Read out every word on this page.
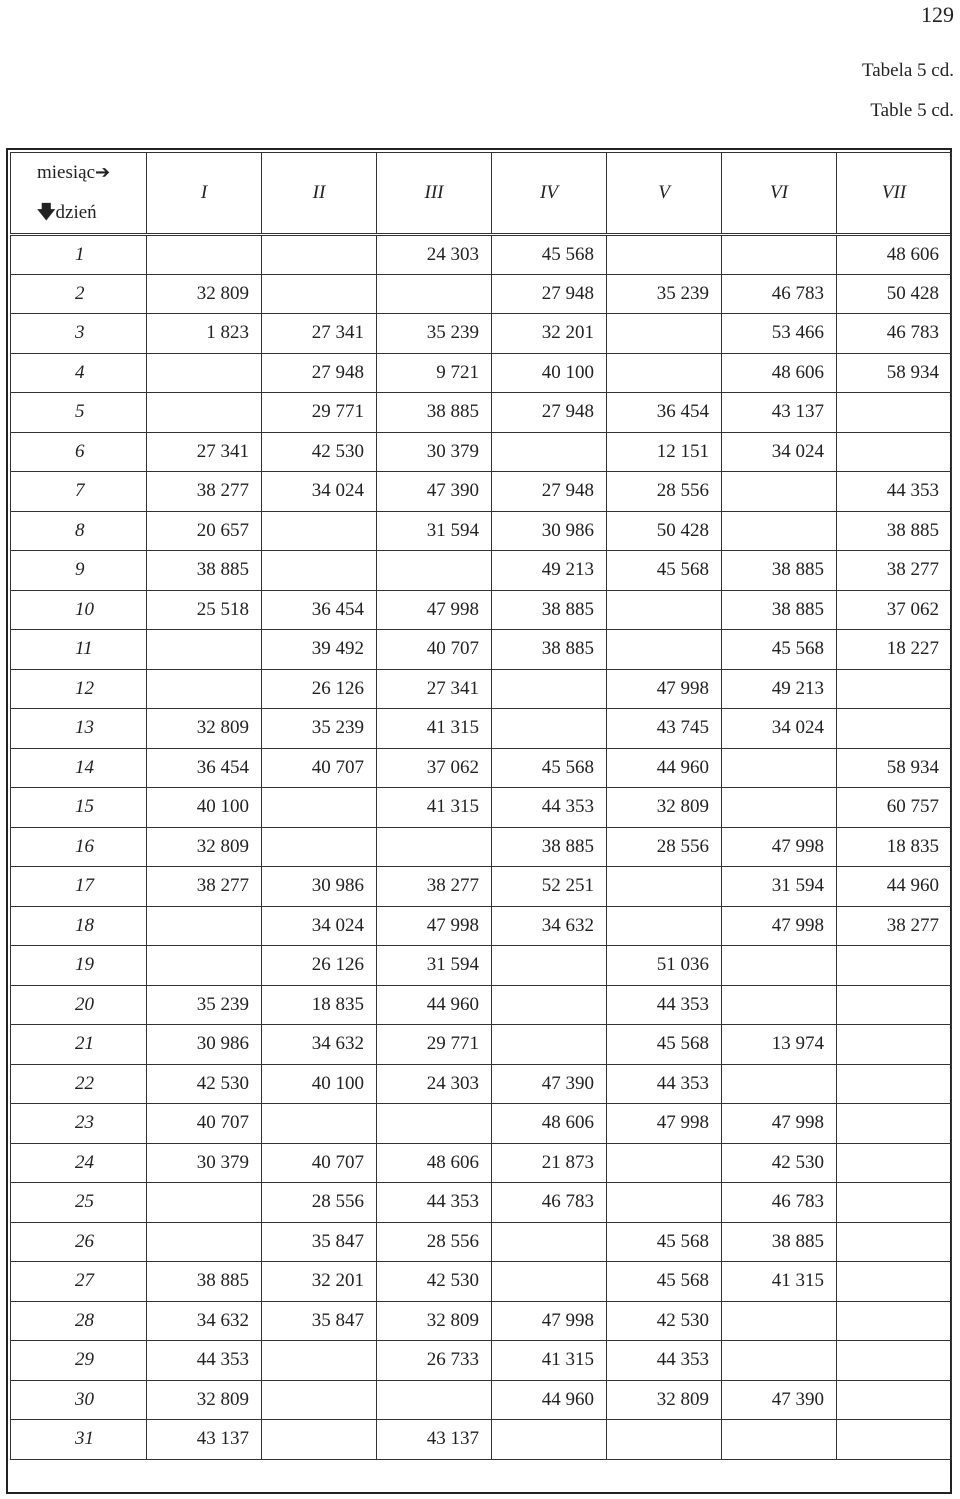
129
Tabela 5 cd.
Table 5 cd.
miesiąc➔
🡇dzień	I	II	III	IV	V	VI	VII
1			24 303	45 568			48 606
2	32 809			27 948	35 239	46 783	50 428
3	1 823	27 341	35 239	32 201		53 466	46 783
4		27 948	9 721	40 100		48 606	58 934
5		29 771	38 885	27 948	36 454	43 137	
6	27 341	42 530	30 379		12 151	34 024	
7	38 277	34 024	47 390	27 948	28 556		44 353
8	20 657		31 594	30 986	50 428		38 885
9	38 885			49 213	45 568	38 885	38 277
10	25 518	36 454	47 998	38 885		38 885	37 062
11		39 492	40 707	38 885		45 568	18 227
12		26 126	27 341		47 998	49 213	
13	32 809	35 239	41 315		43 745	34 024	
14	36 454	40 707	37 062	45 568	44 960		58 934
15	40 100		41 315	44 353	32 809		60 757
16	32 809			38 885	28 556	47 998	18 835
17	38 277	30 986	38 277	52 251		31 594	44 960
18		34 024	47 998	34 632		47 998	38 277
19		26 126	31 594		51 036		
20	35 239	18 835	44 960		44 353		
21	30 986	34 632	29 771		45 568	13 974	
22	42 530	40 100	24 303	47 390	44 353		
23	40 707			48 606	47 998	47 998	
24	30 379	40 707	48 606	21 873		42 530	
25		28 556	44 353	46 783		46 783	
26		35 847	28 556		45 568	38 885	
27	38 885	32 201	42 530		45 568	41 315	
28	34 632	35 847	32 809	47 998	42 530		
29	44 353		26 733	41 315	44 353		
30	32 809			44 960	32 809	47 390	
31	43 137		43 137				
